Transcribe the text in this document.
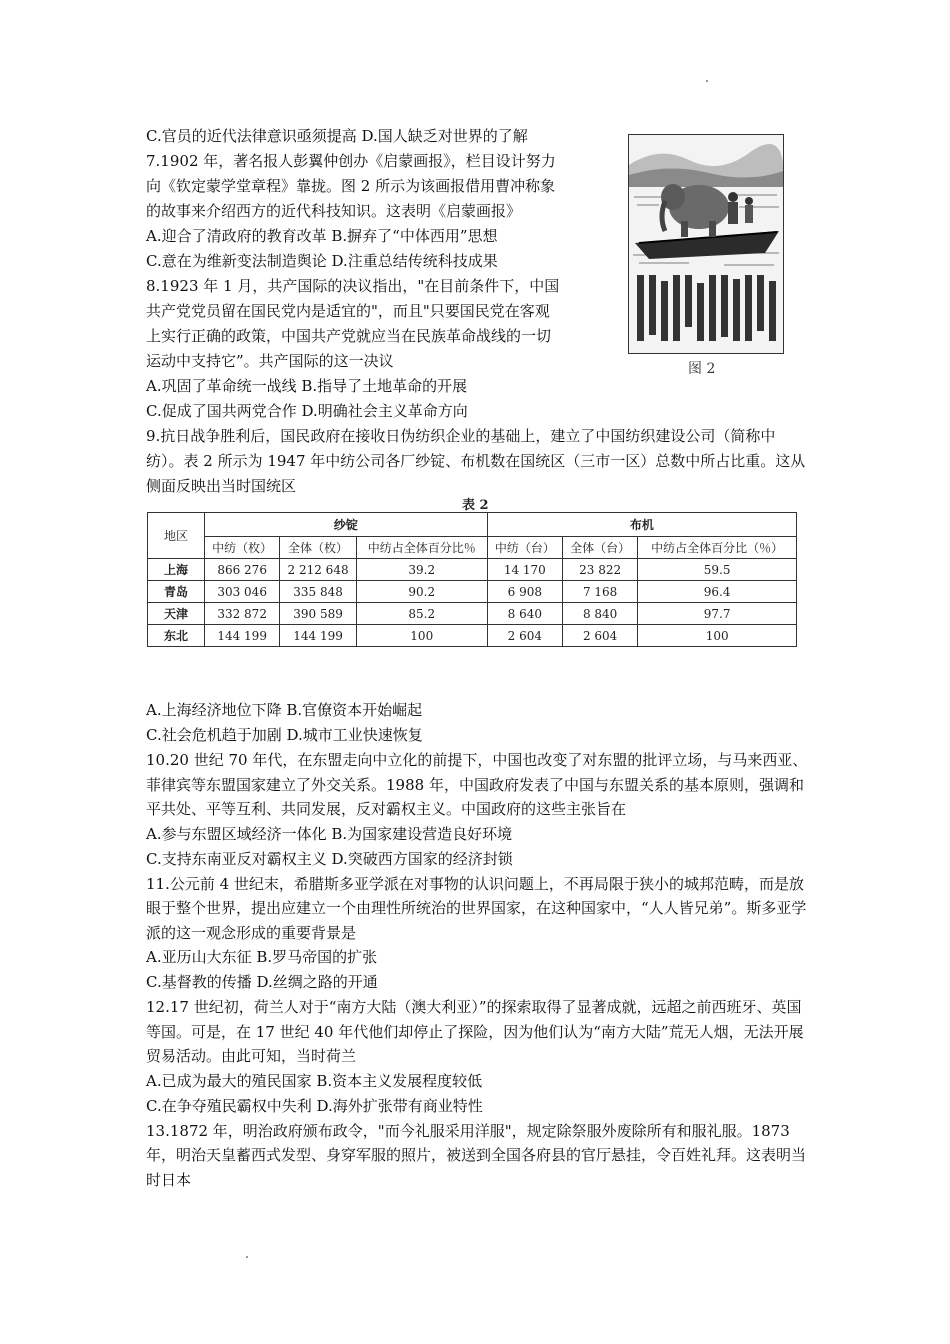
C.官员的近代法律意识亟须提高 D.国人缺乏对世界的了解
7.1902 年，著名报人彭翼仲创办《启蒙画报》，栏目设计努力
向《钦定蒙学堂章程》靠拢。图 2 所示为该画报借用曹冲称象
的故事来介绍西方的近代科技知识。这表明《启蒙画报》
A.迎合了清政府的教育改革 B.摒弃了“中体西用”思想
C.意在为维新变法制造舆论 D.注重总结传统科技成果
8.1923 年 1 月，共产国际的决议指出，"在目前条件下，中国
共产党党员留在国民党内是适宜的"，而且"只要国民党在客观
上实行正确的政策，中国共产党就应当在民族革命战线的一切
运动中支持它”。共产国际的这一决议
A.巩固了革命统一战线 B.指导了土地革命的开展
C.促成了国共两党合作 D.明确社会主义革命方向
9.抗日战争胜利后，国民政府在接收日伪纺织企业的基础上，建立了中国纺织建设公司（简称中纺）。表 2 所示为 1947 年中纺公司各厂纱锭、布机数在国统区（三市一区）总数中所占比重。这从侧面反映出当时国统区
图 2
表 2
地区	纱锭			布机		
	中纺（枚）	全体（枚）	中纺占全体百分比％	中纺（台）	全体（台）	中纺占全体百分比（％）
上海	866 276	2 212 648	39.2	14 170	23 822	59.5
青岛	303 046	335 848	90.2	6 908	7 168	96.4
天津	332 872	390 589	85.2	8 640	8 840	97.7
东北	144 199	144 199	100	2 604	2 604	100
A.上海经济地位下降 B.官僚资本开始崛起
C.社会危机趋于加剧 D.城市工业快速恢复
10.20 世纪 70 年代，在东盟走向中立化的前提下，中国也改变了对东盟的批评立场，与马来西亚、菲律宾等东盟国家建立了外交关系。1988 年，中国政府发表了中国与东盟关系的基本原则，强调和平共处、平等互利、共同发展，反对霸权主义。中国政府的这些主张旨在
A.参与东盟区域经济一体化 B.为国家建设营造良好环境
C.支持东南亚反对霸权主义 D.突破西方国家的经济封锁
11.公元前 4 世纪末，希腊斯多亚学派在对事物的认识问题上，不再局限于狭小的城邦范畴，而是放眼于整个世界，提出应建立一个由理性所统治的世界国家，在这种国家中，“人人皆兄弟”。斯多亚学派的这一观念形成的重要背景是
A.亚历山大东征 B.罗马帝国的扩张
C.基督教的传播 D.丝绸之路的开通
12.17 世纪初，荷兰人对于“南方大陆（澳大利亚）”的探索取得了显著成就，远超之前西班牙、英国等国。可是，在 17 世纪 40 年代他们却停止了探险，因为他们认为“南方大陆”荒无人烟，无法开展贸易活动。由此可知，当时荷兰
A.已成为最大的殖民国家 B.资本主义发展程度较低
C.在争夺殖民霸权中失利 D.海外扩张带有商业特性
13.1872 年，明治政府颁布政令，"而今礼服采用洋服"，规定除祭服外废除所有和服礼服。1873 年，明治天皇蓄西式发型、身穿军服的照片，被送到全国各府县的官厅悬挂，令百姓礼拜。这表明当时日本
